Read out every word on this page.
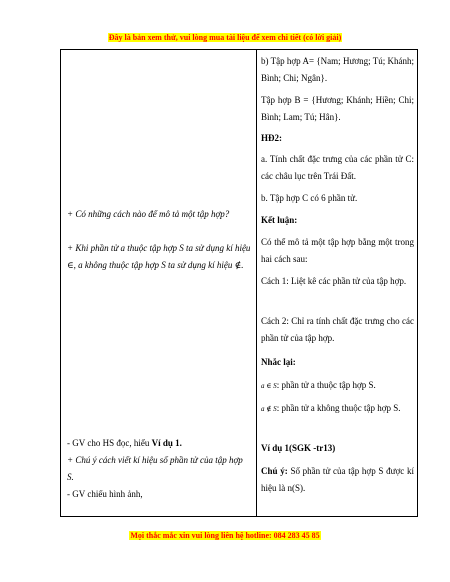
Đây là bản xem thử, vui lòng mua tài liệu để xem chi tiết (có lời giải)
+ Có những cách nào để mô tả một tập hợp?
+ Khi phần tử a thuộc tập hợp S ta sử dụng kí hiệu ∈, a không thuộc tập hợp S ta sử dụng kí hiệu ∉.
- GV cho HS đọc, hiểu Ví dụ 1.
+ Chú ý cách viết kí hiệu số phần tử của tập hợp S.
- GV chiếu hình ảnh,
b) Tập hợp A= {Nam; Hương; Tú; Khánh; Bình; Chi; Ngân}.
Tập hợp B = {Hương; Khánh; Hiền; Chi; Bình; Lam; Tú; Hân}.
HĐ2:
a. Tính chất đặc trưng của các phần tử C: các châu lục trên Trái Đất.
b. Tập hợp C có 6 phần tử.
Kết luận:
Có thể mô tả một tập hợp bằng một trong hai cách sau:
Cách 1: Liệt kê các phần tử của tập hợp.
Cách 2: Chỉ ra tính chất đặc trưng cho các phần tử của tập hợp.
Nhắc lại:
a ∈ S: phần tử a thuộc tập hợp S.
a ∉ S: phần tử a không thuộc tập hợp S.
Ví dụ 1(SGK -tr13)
Chú ý: Số phần tử của tập hợp S được kí hiệu là n(S).
Mọi thắc mắc xin vui lòng liên hệ hotline: 084 283 45 85
